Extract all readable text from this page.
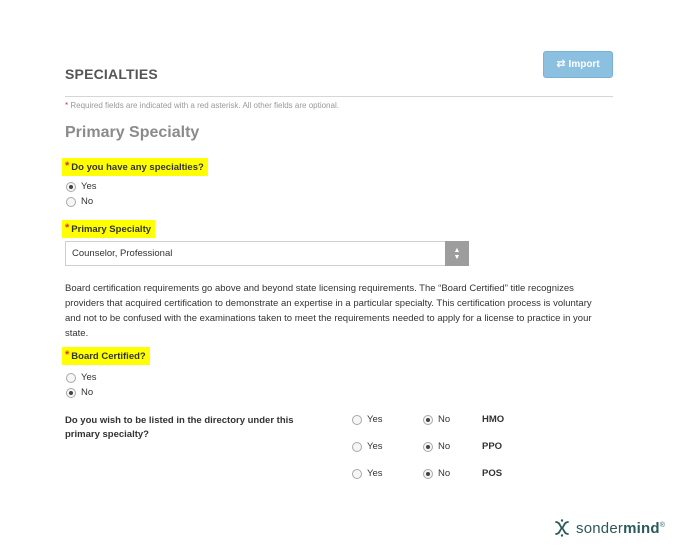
SPECIALTIES
⇄ Import
* Required fields are indicated with a red asterisk. All other fields are optional.
Primary Specialty
* Do you have any specialties?
Yes
No
* Primary Specialty
Counselor, Professional	▲
▼
Board certification requirements go above and beyond state licensing requirements. The “Board Certified” title recognizes providers that acquired certification to demonstrate an expertise in a particular specialty. This certification process is voluntary and not to be confused with the examinations taken to meet the requirements needed to apply for a license to practice in your state.
* Board Certified?
Yes
No
Do you wish to be listed in the directory under this primary specialty?
Yes	No	HMO
Yes	No	PPO
Yes	No	POS
sondermind®
